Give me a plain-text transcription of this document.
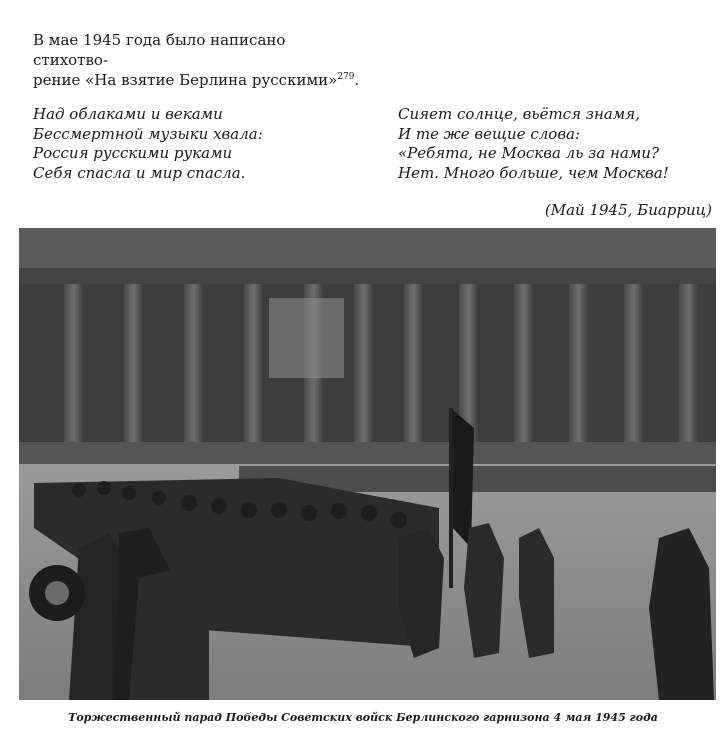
В мае 1945 года было написано стихотво-

рение «На взятие Берлина русскими»$^{279}$.

Над облаками и веками
Бессмертной музыки хвала:
Россия русскими руками
Себя спасла и мир спасла.
Сияет солнце, вьётся знамя,
И те же вещие слова:
«Ребята, не Москва ль за нами?
Нет. Много больше, чем Москва!
(Май 1945, Биарриц)
Торжественный парад Победы Советских войск Берлинского гарнизона 4 мая 1945 года
